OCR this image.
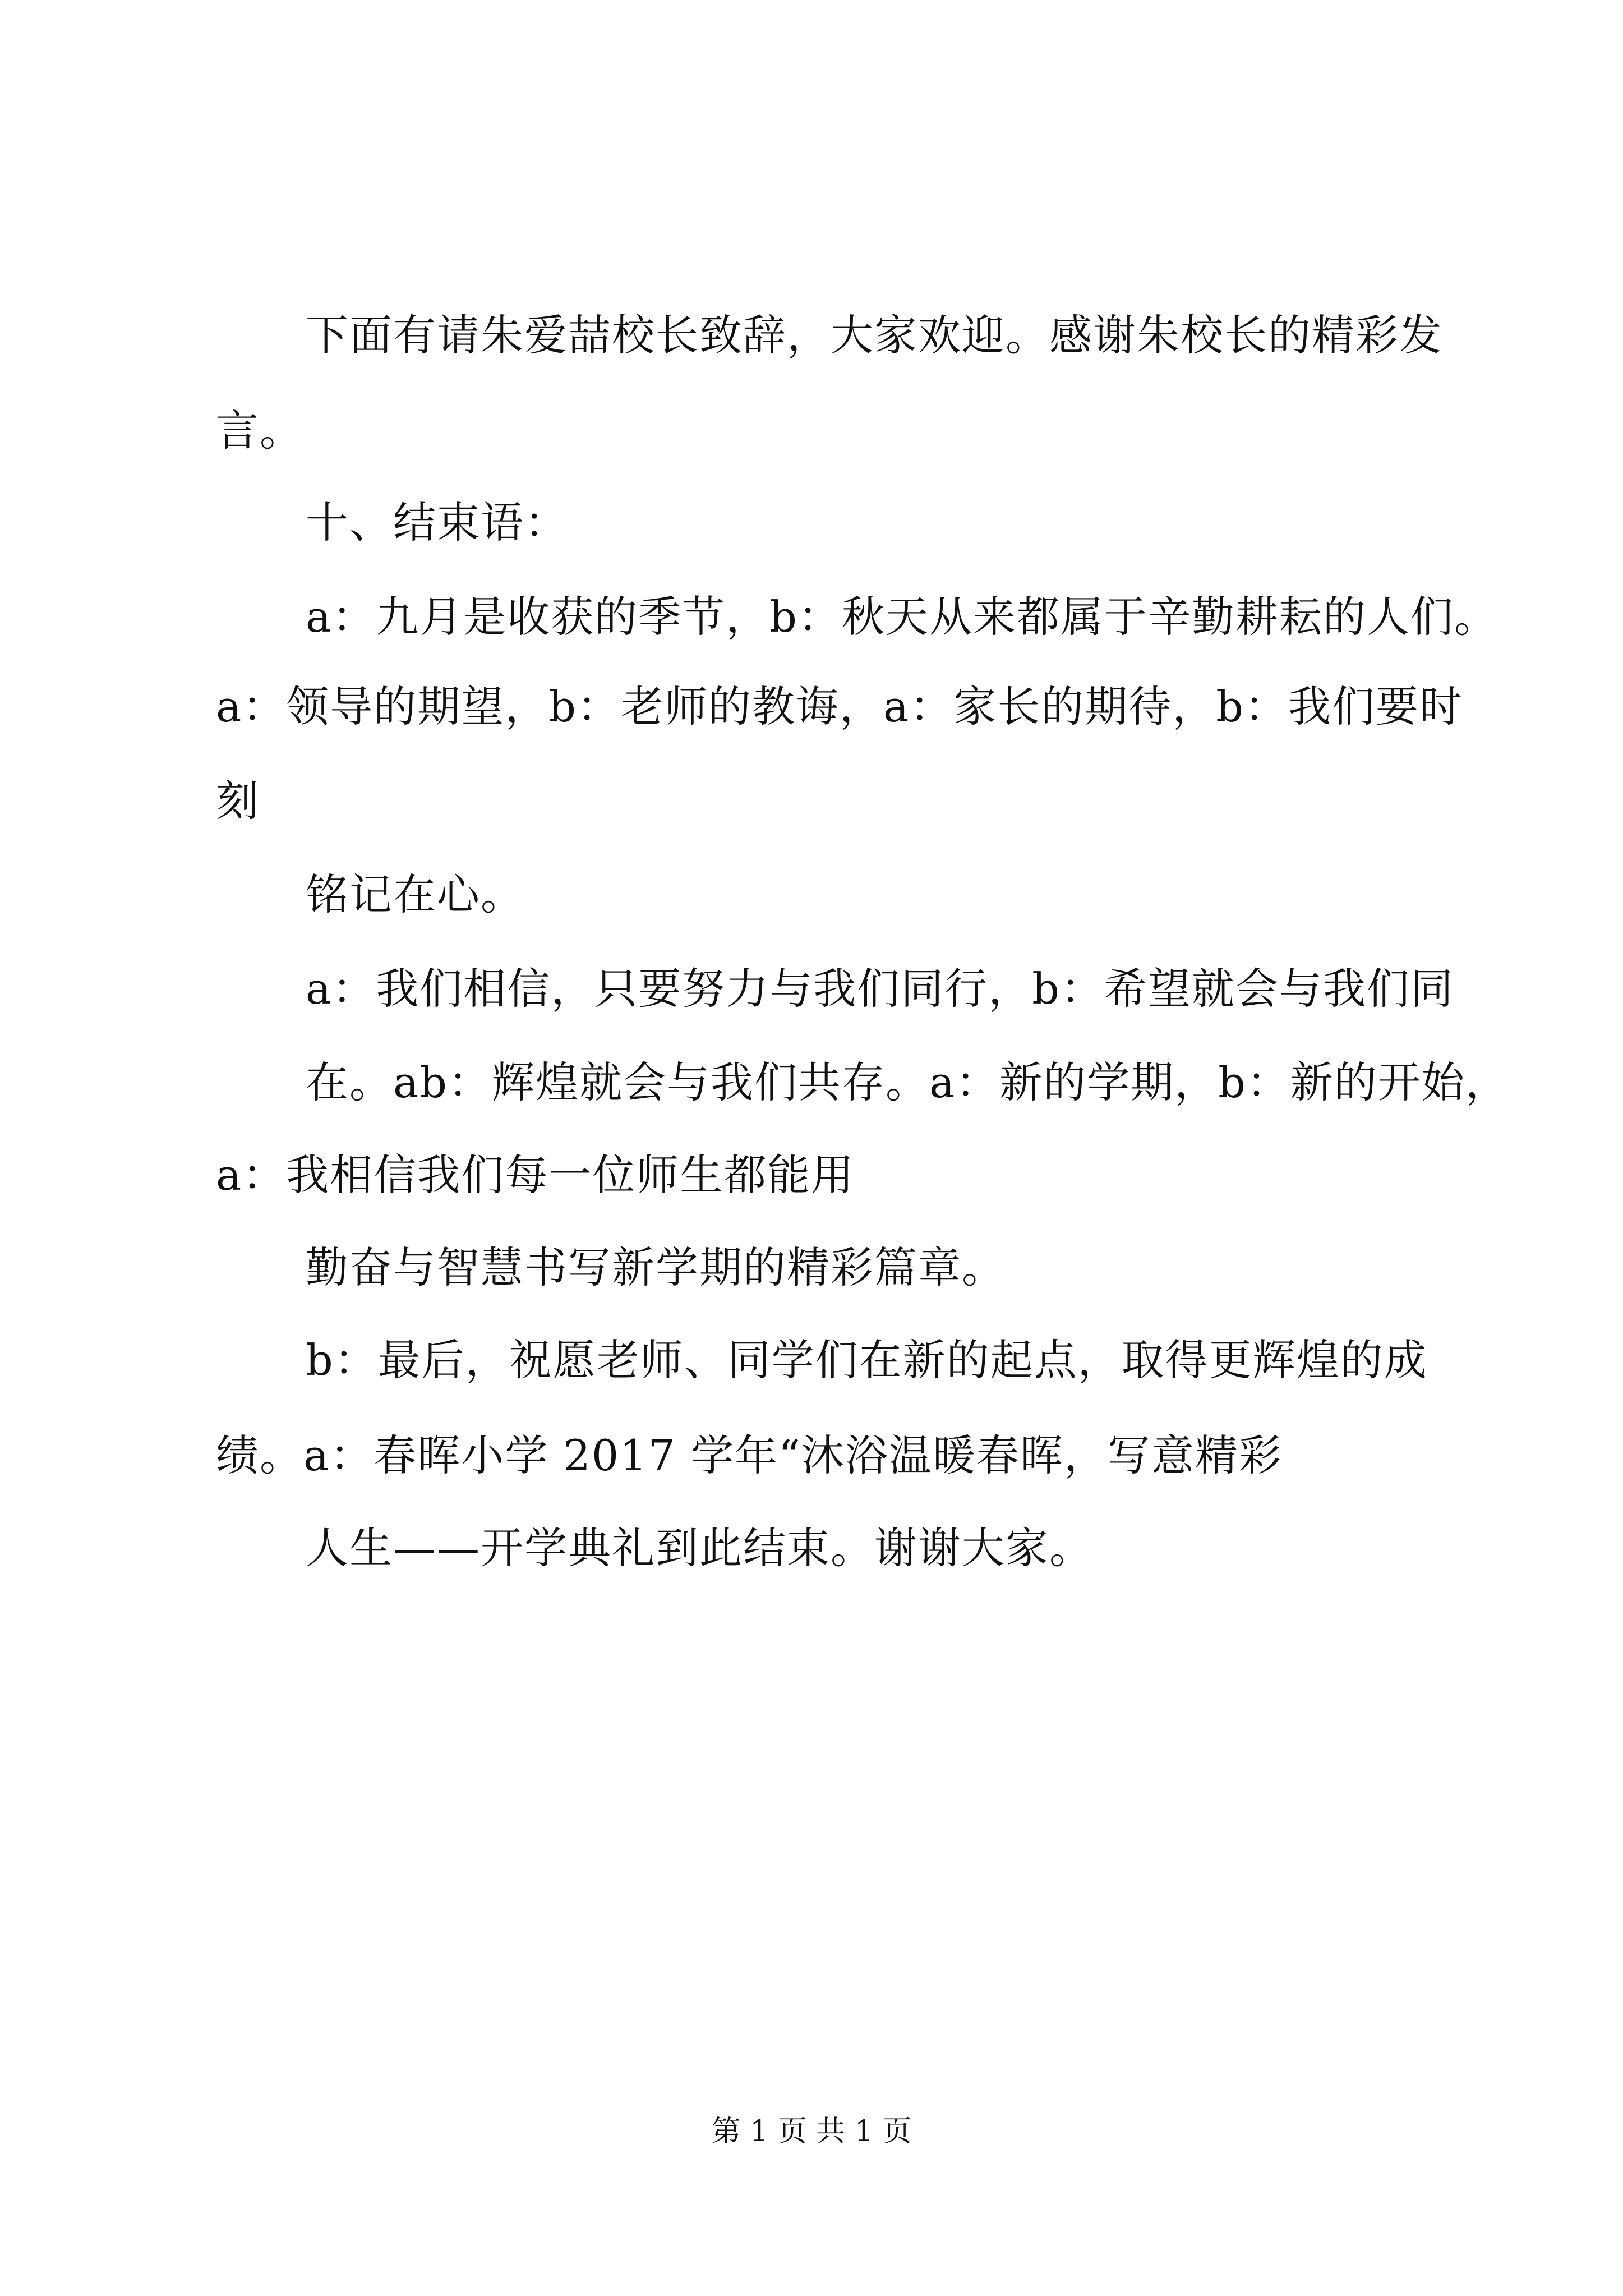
下面有请朱爱喆校长致辞，大家欢迎。感谢朱校长的精彩发
言。
十、结束语：
a：九月是收获的季节，b：秋天从来都属于辛勤耕耘的人们。
a：领导的期望，b：老师的教诲，a：家长的期待，b：我们要时
刻
铭记在心。
a：我们相信，只要努力与我们同行，b：希望就会与我们同
在。ab：辉煌就会与我们共存。a：新的学期，b：新的开始，
a：我相信我们每一位师生都能用
勤奋与智慧书写新学期的精彩篇章。
b：最后，祝愿老师、同学们在新的起点，取得更辉煌的成
绩。a：春晖小学 2017 学年“沐浴温暖春晖，写意精彩
人生——开学典礼到此结束。谢谢大家。
第 1 页 共 1 页
